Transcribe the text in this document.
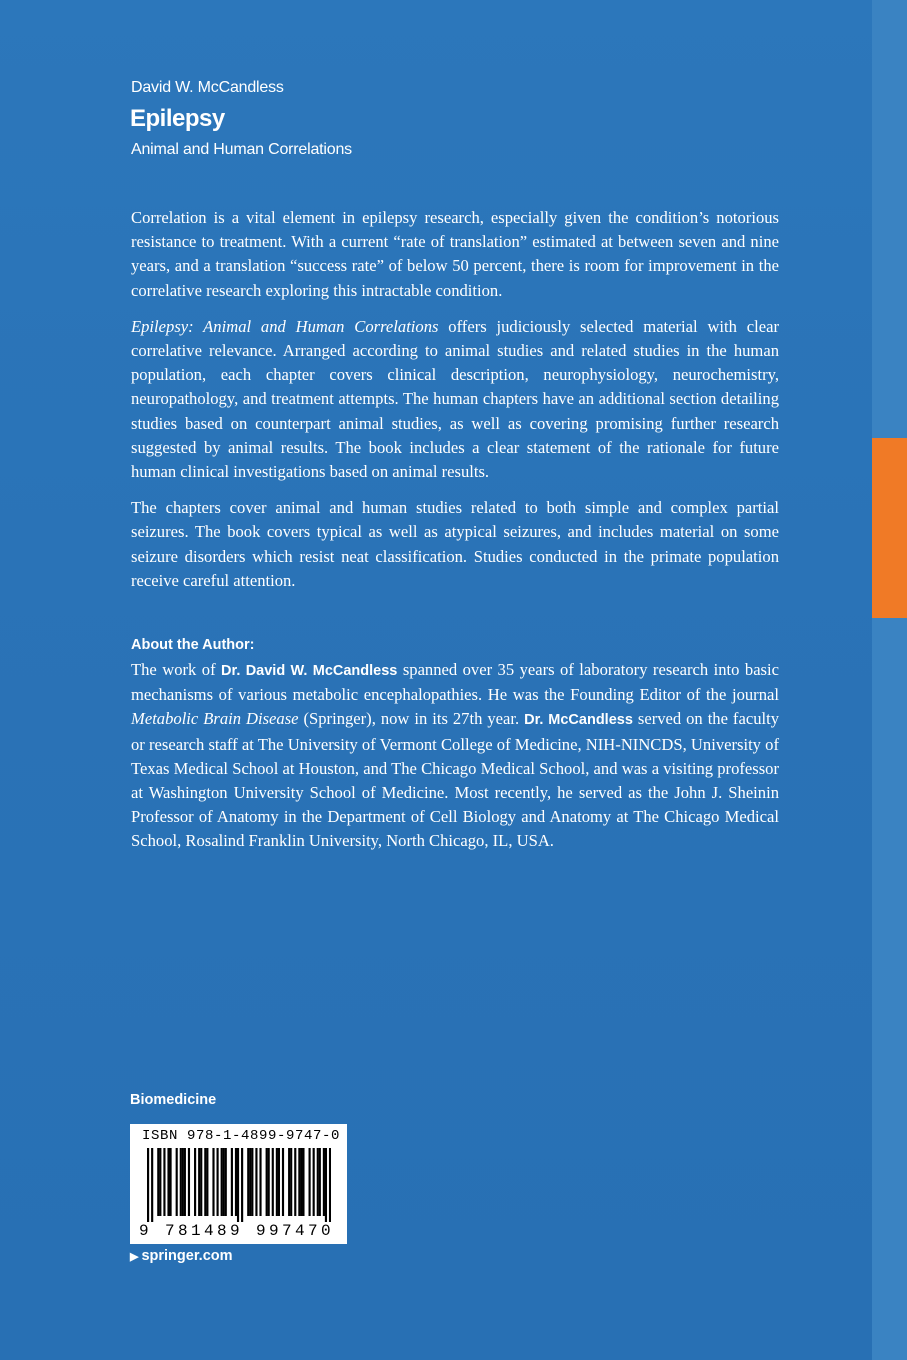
David W. McCandless
Epilepsy
Animal and Human Correlations

Correlation is a vital element in epilepsy research, especially given the condition’s notorious resistance to treatment. With a current “rate of translation” estimated at between seven and nine years, and a translation “success rate” of below 50 percent, there is room for improvement in the correlative research exploring this intractable condition.

Epilepsy: Animal and Human Correlations offers judiciously selected material with clear correlative relevance. Arranged according to animal studies and related studies in the human population, each chapter covers clinical description, neurophysiology, neurochemistry, neuropathology, and treatment attempts. The human chapters have an additional section detailing studies based on counterpart animal studies, as well as covering promising further research suggested by animal results. The book includes a clear statement of the rationale for future human clinical investigations based on animal results.

The chapters cover animal and human studies related to both simple and complex partial seizures. The book covers typical as well as atypical seizures, and includes material on some seizure disorders which resist neat classification. Studies conducted in the primate population receive careful attention.

About the Author:

The work of Dr. David W. McCandless spanned over 35 years of laboratory research into basic mechanisms of various metabolic encephalopathies. He was the Founding Editor of the journal Metabolic Brain Disease (Springer), now in its 27th year. Dr. McCandless served on the faculty or research staff at The University of Vermont College of Medicine, NIH-NINCDS, University of Texas Medical School at Houston, and The Chicago Medical School, and was a visiting professor at Washington University School of Medicine. Most recently, he served as the John J. Sheinin Professor of Anatomy in the Department of Cell Biology and Anatomy at The Chicago Medical School, Rosalind Franklin University, North Chicago, IL, USA.

Biomedicine
ISBN 978-1-4899-9747-0
9 781489 997470
▶ springer.com
